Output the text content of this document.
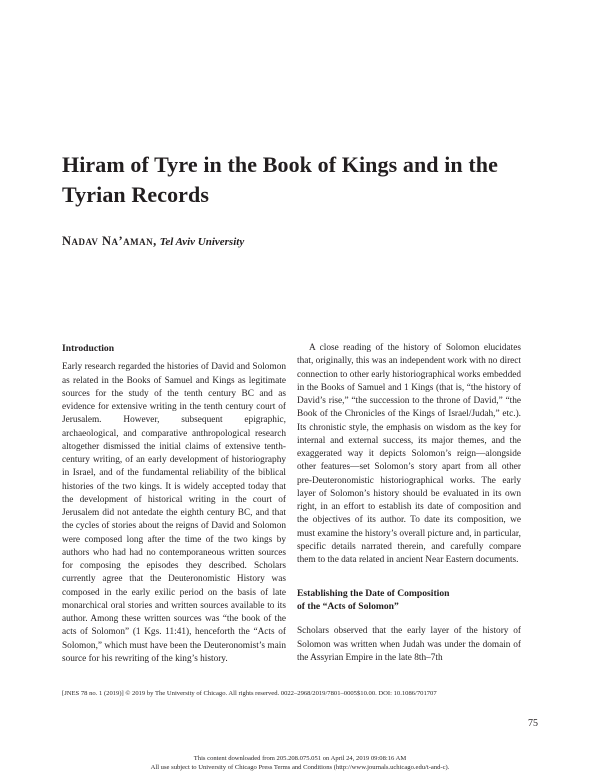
Hiram of Tyre in the Book of Kings and in the Tyrian Records
Nadav Na’aman, Tel Aviv University
Introduction

Early research regarded the histories of David and Solomon as related in the Books of Samuel and Kings as legitimate sources for the study of the tenth century BC and as evidence for extensive writing in the tenth century court of Jerusalem. However, subsequent epigraphic, archaeological, and comparative anthropological research altogether dismissed the initial claims of extensive tenth-century writing, of an early development of historiography in Israel, and of the fundamental reliability of the biblical histories of the two kings. It is widely accepted today that the development of historical writing in the court of Jerusalem did not antedate the eighth century BC, and that the cycles of stories about the reigns of David and Solomon were composed long after the time of the two kings by authors who had had no contemporaneous written sources for composing the episodes they described. Scholars currently agree that the Deuteronomistic History was composed in the early exilic period on the basis of late monarchical oral stories and written sources available to its author. Among these written sources was “the book of the acts of Solomon” (1 Kgs. 11:41), henceforth the “Acts of Solomon,” which must have been the Deuteronomist’s main source for his rewriting of the king’s history.

A close reading of the history of Solomon elucidates that, originally, this was an independent work with no direct connection to other early historiographical works embedded in the Books of Samuel and 1 Kings (that is, “the history of David’s rise,” “the succession to the throne of David,” “the Book of the Chronicles of the Kings of Israel/Judah,” etc.). Its chronistic style, the emphasis on wisdom as the key for internal and external success, its major themes, and the exaggerated way it depicts Solomon’s reign—alongside other features—set Solomon’s story apart from all other pre-Deuteronomistic historiographical works. The early layer of Solomon’s history should be evaluated in its own right, in an effort to establish its date of composition and the objectives of its author. To date its composition, we must examine the history’s overall picture and, in particular, specific details narrated therein, and carefully compare them to the data related in ancient Near Eastern documents.

Establishing the Date of Composition
of the “Acts of Solomon”

Scholars observed that the early layer of the history of Solomon was written when Judah was under the domain of the Assyrian Empire in the late 8th–7th

[JNES 78 no. 1 (2019)] © 2019 by The University of Chicago. All rights reserved. 0022–2968/2019/7801–0005$10.00. DOI: 10.1086/701707
75
This content downloaded from 205.208.075.051 on April 24, 2019 09:08:16 AM
All use subject to University of Chicago Press Terms and Conditions (http://www.journals.uchicago.edu/t-and-c).
